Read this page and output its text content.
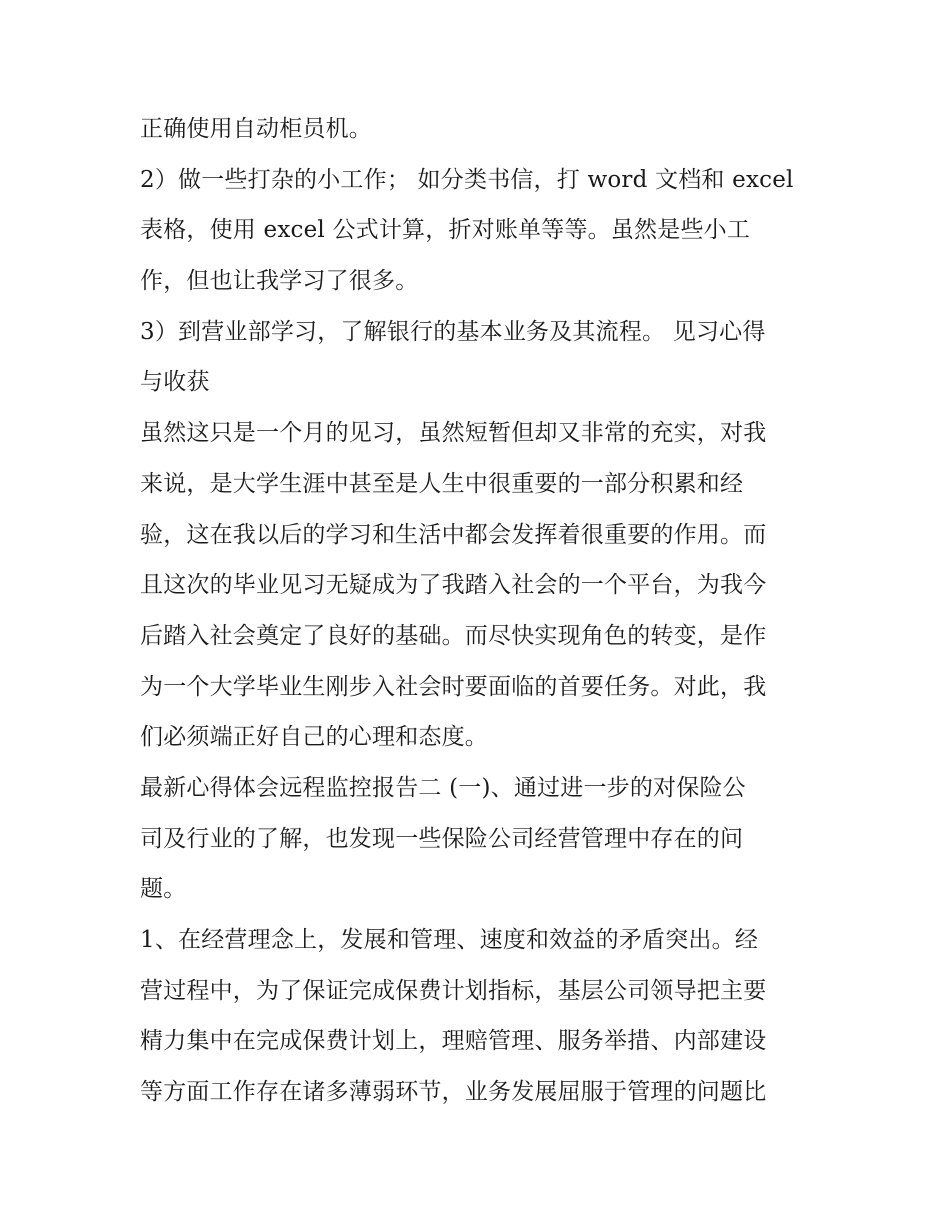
正确使用自动柜员机。
2）做一些打杂的小工作； 如分类书信，打 word 文档和 excel
表格，使用 excel 公式计算，折对账单等等。虽然是些小工
作，但也让我学习了很多。
3）到营业部学习，了解银行的基本业务及其流程。 见习心得
与收获
虽然这只是一个月的见习，虽然短暂但却又非常的充实，对我
来说，是大学生涯中甚至是人生中很重要的一部分积累和经
验，这在我以后的学习和生活中都会发挥着很重要的作用。而
且这次的毕业见习无疑成为了我踏入社会的一个平台，为我今
后踏入社会奠定了良好的基础。而尽快实现角色的转变，是作
为一个大学毕业生刚步入社会时要面临的首要任务。对此，我
们必须端正好自己的心理和态度。
最新心得体会远程监控报告二 (一)、通过进一步的对保险公
司及行业的了解，也发现一些保险公司经营管理中存在的问
题。
1、在经营理念上，发展和管理、速度和效益的矛盾突出。经
营过程中，为了保证完成保费计划指标，基层公司领导把主要
精力集中在完成保费计划上，理赔管理、服务举措、内部建设
等方面工作存在诸多薄弱环节，业务发展屈服于管理的问题比
